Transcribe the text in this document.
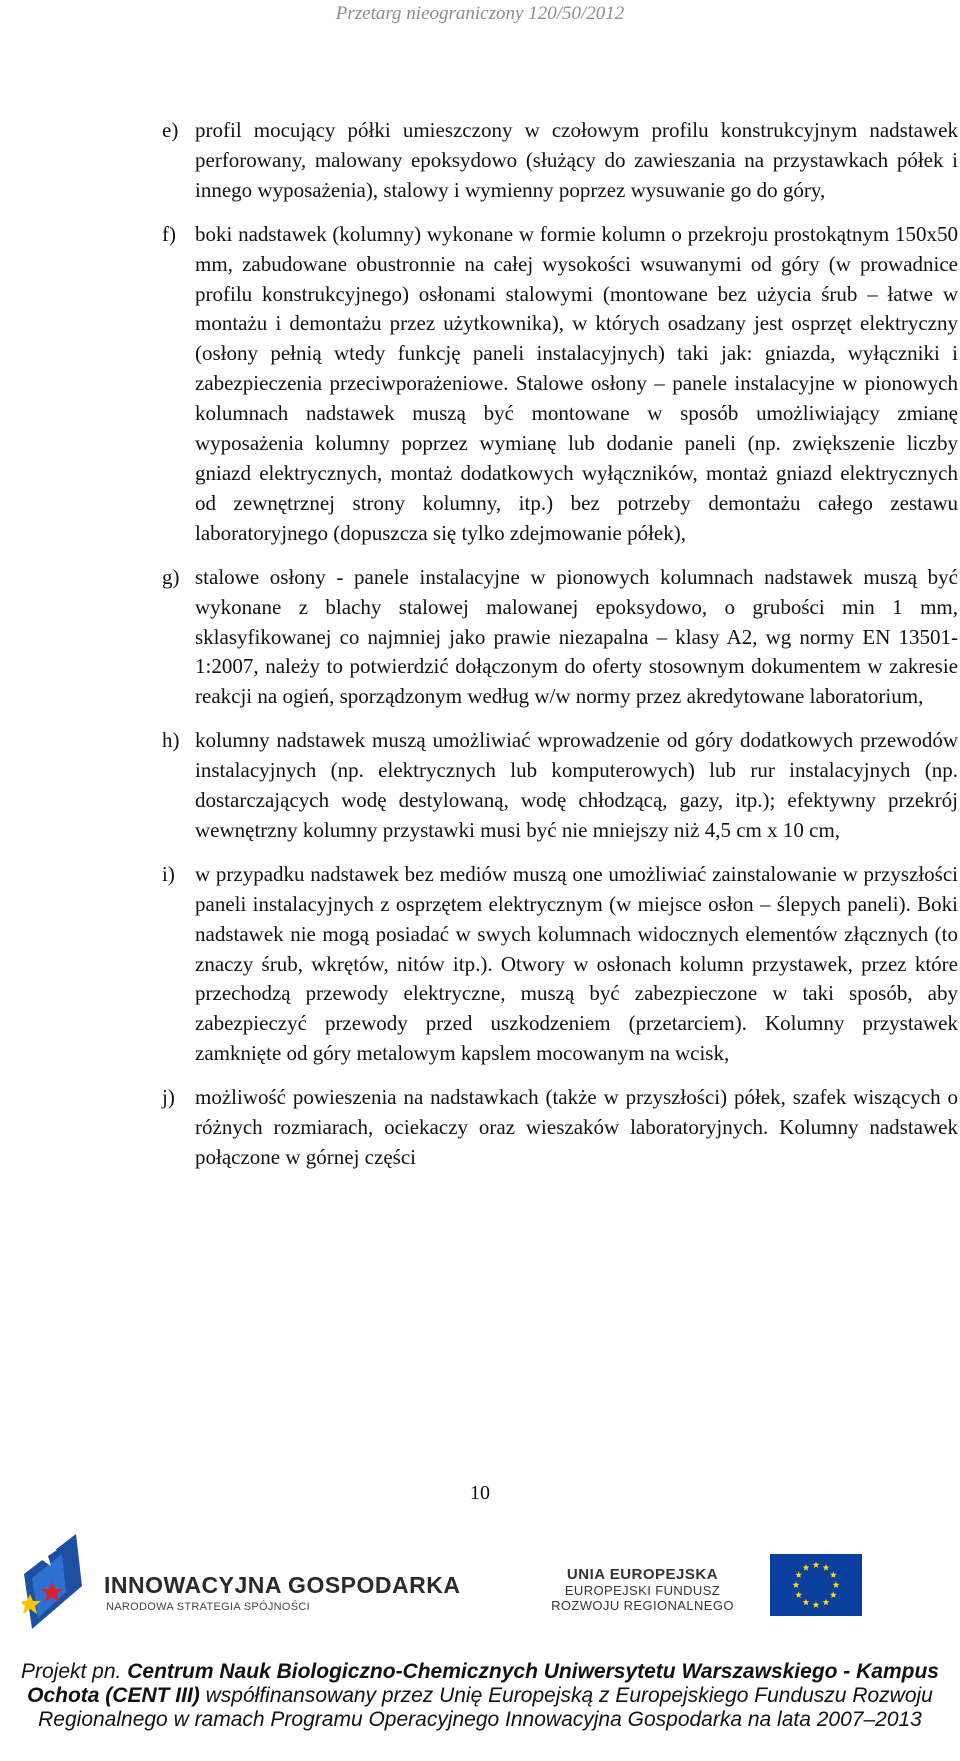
Przetarg nieograniczony 120/50/2012
e) profil mocujący półki umieszczony w czołowym profilu konstrukcyjnym nadstawek perforowany, malowany epoksydowo (służący do zawieszania na przystawkach półek i innego wyposażenia), stalowy i wymienny poprzez wysuwanie go do góry,
f) boki nadstawek (kolumny) wykonane w formie kolumn o przekroju prostokątnym 150x50 mm, zabudowane obustronnie na całej wysokości wsuwanymi od góry (w prowadnice profilu konstrukcyjnego) osłonami stalowymi (montowane bez użycia śrub – łatwe w montażu i demontażu przez użytkownika), w których osadzany jest osprzęt elektryczny (osłony pełnią wtedy funkcję paneli instalacyjnych) taki jak: gniazda, wyłączniki i zabezpieczenia przeciwporażeniowe. Stalowe osłony – panele instalacyjne w pionowych kolumnach nadstawek muszą być montowane w sposób umożliwiający zmianę wyposażenia kolumny poprzez wymianę lub dodanie paneli (np. zwiększenie liczby gniazd elektrycznych, montaż dodatkowych wyłączników, montaż gniazd elektrycznych od zewnętrznej strony kolumny, itp.) bez potrzeby demontażu całego zestawu laboratoryjnego (dopuszcza się tylko zdejmowanie półek),
g) stalowe osłony - panele instalacyjne w pionowych kolumnach nadstawek muszą być wykonane z blachy stalowej malowanej epoksydowo, o grubości min 1 mm, sklasyfikowanej co najmniej jako prawie niezapalna – klasy A2, wg normy EN 13501-1:2007, należy to potwierdzić dołączonym do oferty stosownym dokumentem w zakresie reakcji na ogień, sporządzonym według w/w normy przez akredytowane laboratorium,
h) kolumny nadstawek muszą umożliwiać wprowadzenie od góry dodatkowych przewodów instalacyjnych (np. elektrycznych lub komputerowych) lub rur instalacyjnych (np. dostarczających wodę destylowaną, wodę chłodzącą, gazy, itp.); efektywny przekrój wewnętrzny kolumny przystawki musi być nie mniejszy niż 4,5 cm x 10 cm,
i) w przypadku nadstawek bez mediów muszą one umożliwiać zainstalowanie w przyszłości paneli instalacyjnych z osprzętem elektrycznym (w miejsce osłon – ślepych paneli). Boki nadstawek nie mogą posiadać w swych kolumnach widocznych elementów złącznych (to znaczy śrub, wkrętów, nitów itp.). Otwory w osłonach kolumn przystawek, przez które przechodzą przewody elektryczne, muszą być zabezpieczone w taki sposób, aby zabezpieczyć przewody przed uszkodzeniem (przetarciem). Kolumny przystawek zamknięte od góry metalowym kapslem mocowanym na wcisk,
j) możliwość powieszenia na nadstawkach (także w przyszłości) półek, szafek wiszących o różnych rozmiarach, ociekaczy oraz wieszaków laboratoryjnych. Kolumny nadstawek połączone w górnej części
10
INNOWACYJNA GOSPODARKA
NARODOWA STRATEGIA SPÓJNOŚCI
UNIA EUROPEJSKA
EUROPEJSKI FUNDUSZ
ROZWOJU REGIONALNEGO
Projekt pn. Centrum Nauk Biologiczno-Chemicznych Uniwersytetu Warszawskiego - Kampus Ochota (CENT III) współfinansowany przez Unię Europejską z Europejskiego Funduszu Rozwoju Regionalnego w ramach Programu Operacyjnego Innowacyjna Gospodarka na lata 2007–2013
